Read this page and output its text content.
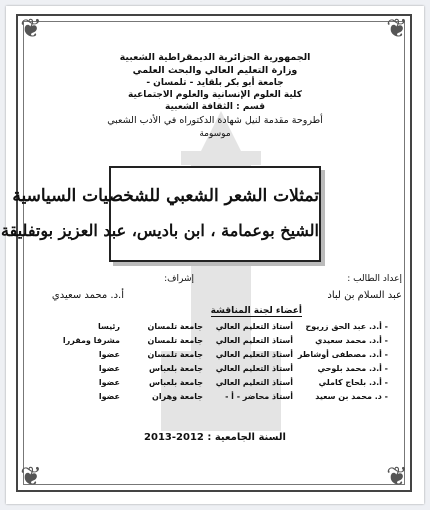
❦	❦
❦	❦
الجمهورية الجزائرية الديمقراطية الشعبية
وزارة التعليم العالي والبحث العلمي
جامعة أبو بكر بلقايد - تلمسان -
كلية العلوم الإنسانية والعلوم الاجتماعية
قسم : الثقافة الشعبية
أطروحة مقدمة لنيل شهادة الدكتوراه في الأدب الشعبي
موسومة
تمثلات الشعر الشعبي للشخصيات السياسية
الشيخ بوعمامة ، ابن باديس، عبد العزيز بوتفليقة
إعداد الطالب :
عبد السلام بن لباد
إشراف:
أ.د. محمد سعيدي
أعضاء لجنة المناقشة
- أ.د. عبد الحق زريوح
أستاذ التعليم العالي
جامعة تلمسان
رئيسا
- أ.د. محمد سعيدي
أستاذ التعليم العالي
جامعة تلمسان
مشرفا ومقررا
- أ.د. مصطفى أوشاطر
أستاذ التعليم العالي
جامعة تلمسان
عضوا
- أ.د. محمد بلوحي
أستاذ التعليم العالي
جامعة بلعباس
عضوا
- أ.د. بلحاج كاملي
أستاذ التعليم العالي
جامعة بلعباس
عضوا
- د. محمد بن سعيد
أستاذ محاضر - أ -
جامعة وهران
عضوا
السنة الجامعية : 2012-2013
